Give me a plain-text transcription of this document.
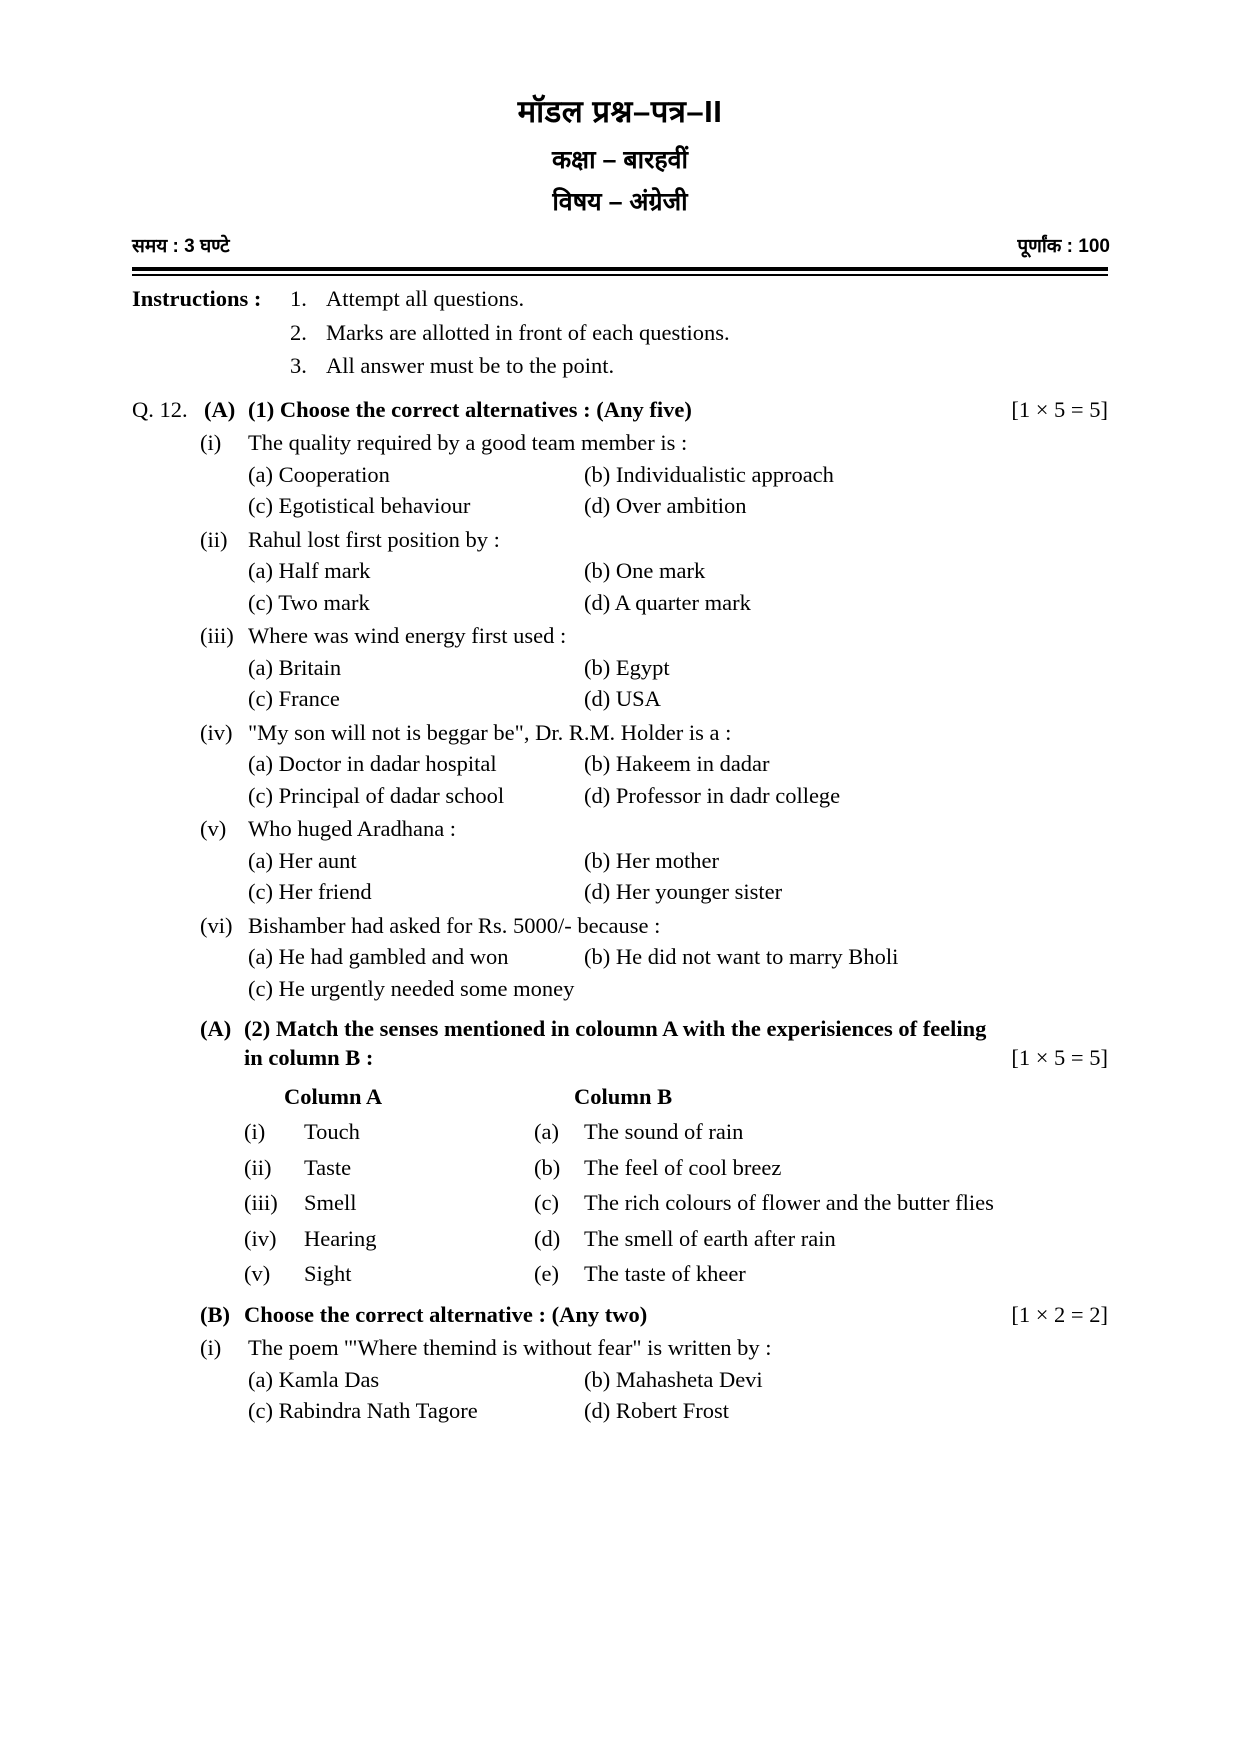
मॉडल प्रश्न–पत्र–II
कक्षा – बारहवीं
विषय – अंग्रेजी
समय : 3 घण्टे	पूर्णांक : 100
Instructions :	1. Attempt all questions.
2. Marks are allotted in front of each questions.
3. All answer must be to the point.
Q. 12. (A) (1) Choose the correct alternatives : (Any five)	[1 × 5 = 5]
(i)	The quality required by a good team member is :
(a) Cooperation	(b) Individualistic approach
(c) Egotistical behaviour	(d) Over ambition
(ii) Rahul lost first position by :
(a) Half mark	(b) One mark
(c) Two mark	(d) A quarter mark
(iii) Where was wind energy first used :
(a) Britain	(b) Egypt
(c) France	(d) USA
(iv) "My son will not is beggar be", Dr. R.M. Holder is a :
(a) Doctor in dadar hospital	(b) Hakeem in dadar
(c) Principal of dadar school	(d) Professor in dadr college
(v) Who huged Aradhana :
(a) Her aunt	(b) Her mother
(c) Her friend	(d) Her younger sister
(vi) Bishamber had asked for Rs. 5000/- because :
(a) He had gambled and won	(b) He did not want to marry Bholi
(c) He urgently needed some money
(A) (2) Match the senses mentioned in coloumn A with the experisiences of feeling
in column B :	[1 × 5 = 5]
Column A	Column B
(i)	Touch	(a)	The sound of rain
(ii)	Taste	(b)	The feel of cool breez
(iii)	Smell	(c)	The rich colours of flower and the butter flies
(iv)	Hearing	(d)	The smell of earth after rain
(v)	Sight	(e)	The taste of kheer
(B) Choose the correct alternative : (Any two)	[1 × 2 = 2]
(i)	The poem '"Where themind is without fear" is written by :
(a) Kamla Das	(b) Mahasheta Devi
(c) Rabindra Nath Tagore	(d) Robert Frost
